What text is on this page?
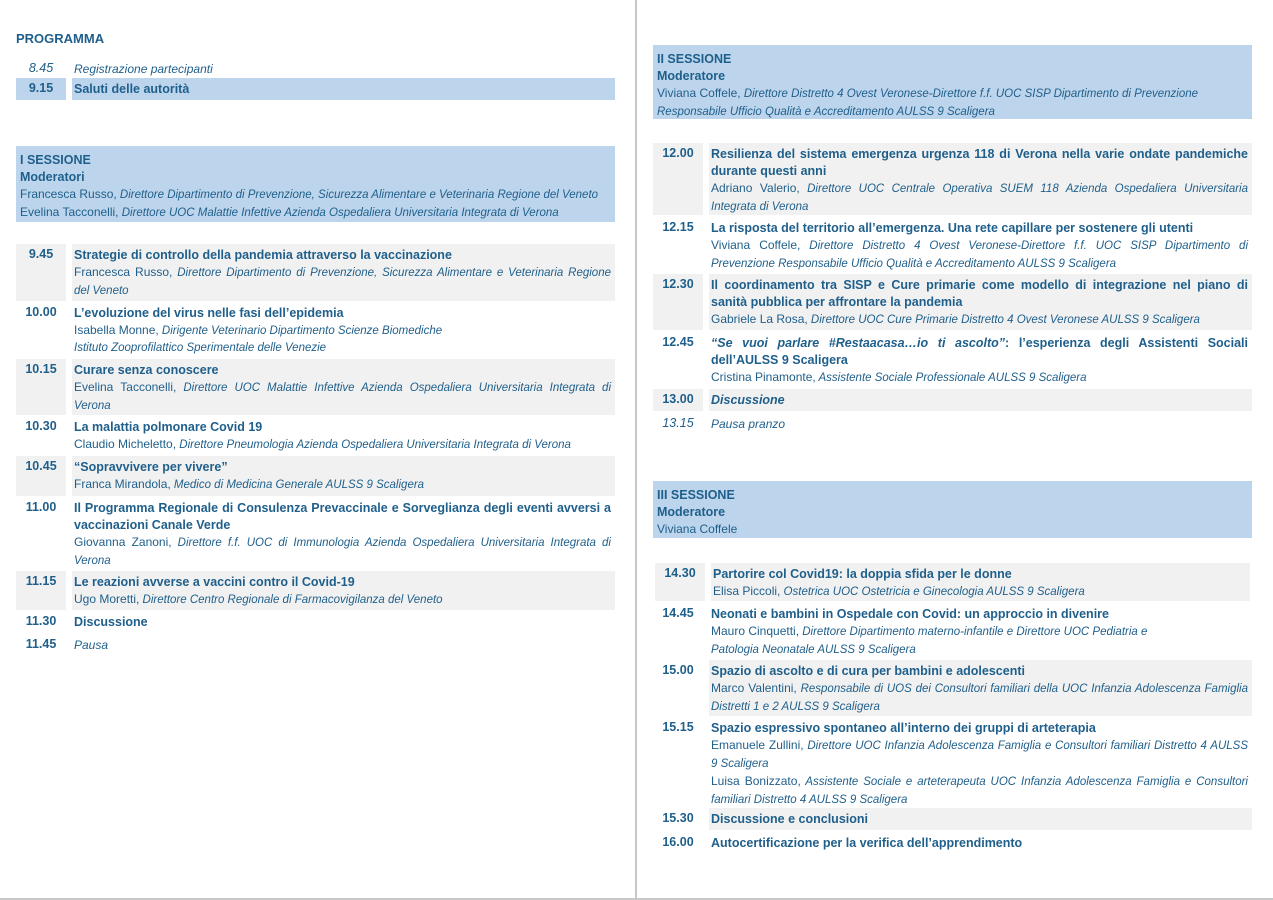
PROGRAMMA
8.45	Registrazione partecipanti
9.15	Saluti delle autorità
I SESSIONE
Moderatori
Francesca Russo, Direttore Dipartimento di Prevenzione, Sicurezza Alimentare e Veterinaria Regione del Veneto
Evelina Tacconelli, Direttore UOC Malattie Infettive Azienda Ospedaliera Universitaria Integrata di Verona
9.45	Strategie di controllo della pandemia attraverso la vaccinazione
Francesca Russo, Direttore Dipartimento di Prevenzione, Sicurezza Alimentare e Veterinaria Regione del Veneto
10.00	L’evoluzione del virus nelle fasi dell’epidemia
Isabella Monne, Dirigente Veterinario Dipartimento Scienze Biomediche
Istituto Zooprofilattico Sperimentale delle Venezie
10.15	Curare senza conoscere
Evelina Tacconelli, Direttore UOC Malattie Infettive Azienda Ospedaliera Universitaria Integrata di Verona
10.30	La malattia polmonare Covid 19
Claudio Micheletto, Direttore Pneumologia Azienda Ospedaliera Universitaria Integrata di Verona
10.45	“Sopravvivere per vivere”
Franca Mirandola, Medico di Medicina Generale AULSS 9 Scaligera
11.00	Il Programma Regionale di Consulenza Prevaccinale e Sorveglianza degli eventi avversi a vaccinazioni Canale Verde
Giovanna Zanoni, Direttore f.f. UOC di Immunologia Azienda Ospedaliera Universitaria Integrata di Verona
11.15	Le reazioni avverse a vaccini contro il Covid-19
Ugo Moretti, Direttore Centro Regionale di Farmacovigilanza del Veneto
11.30	Discussione
11.45	Pausa
II SESSIONE
Moderatore
Viviana Coffele, Direttore Distretto 4 Ovest Veronese-Direttore f.f. UOC SISP Dipartimento di Prevenzione Responsabile Ufficio Qualità e Accreditamento AULSS 9 Scaligera
12.00	Resilienza del sistema emergenza urgenza 118 di Verona nella varie ondate pandemiche durante questi anni
Adriano Valerio, Direttore UOC Centrale Operativa SUEM 118 Azienda Ospedaliera Universitaria Integrata di Verona
12.15	La risposta del territorio all’emergenza. Una rete capillare per sostenere gli utenti
Viviana Coffele, Direttore Distretto 4 Ovest Veronese-Direttore f.f. UOC SISP Dipartimento di Prevenzione Responsabile Ufficio Qualità e Accreditamento AULSS 9 Scaligera
12.30	Il coordinamento tra SISP e Cure primarie come modello di integrazione nel piano di sanità pubblica per affrontare la pandemia
Gabriele La Rosa, Direttore UOC Cure Primarie Distretto 4 Ovest Veronese AULSS 9 Scaligera
12.45	“Se vuoi parlare #Restaacasa…io ti ascolto”: l’esperienza degli Assistenti Sociali dell’AULSS 9 Scaligera
Cristina Pinamonte, Assistente Sociale Professionale AULSS 9 Scaligera
13.00	Discussione
13.15	Pausa pranzo
III SESSIONE
Moderatore
Viviana Coffele
14.30	Partorire col Covid19: la doppia sfida per le donne
Elisa Piccoli, Ostetrica UOC Ostetricia e Ginecologia AULSS 9 Scaligera
14.45	Neonati e bambini in Ospedale con Covid: un approccio in divenire
Mauro Cinquetti, Direttore Dipartimento materno-infantile e Direttore UOC Pediatria e Patologia Neonatale AULSS 9 Scaligera
15.00	Spazio di ascolto e di cura per bambini e adolescenti
Marco Valentini, Responsabile di UOS dei Consultori familiari della UOC Infanzia Adolescenza Famiglia Distretti 1 e 2 AULSS 9 Scaligera
15.15	Spazio espressivo spontaneo all’interno dei gruppi di arteterapia
Emanuele Zullini, Direttore UOC Infanzia Adolescenza Famiglia e Consultori familiari Distretto 4 AULSS 9 Scaligera
Luisa Bonizzato, Assistente Sociale e arteterapeuta UOC Infanzia Adolescenza Famiglia e Consultori familiari Distretto 4 AULSS 9 Scaligera
15.30	Discussione e conclusioni
16.00	Autocertificazione per la verifica dell’apprendimento
